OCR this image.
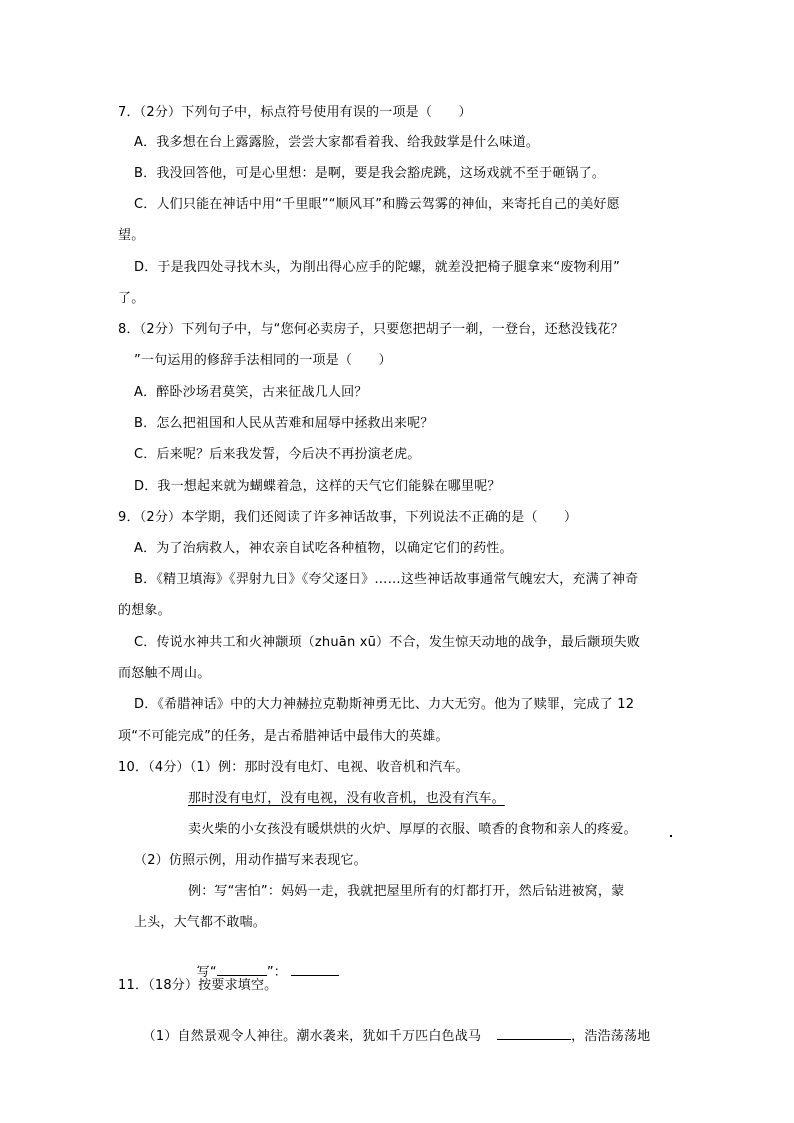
7．（2分）下列句子中，标点符号使用有误的一项是（　　）
A．我多想在台上露露脸，尝尝大家都看着我、给我鼓掌是什么味道。
B．我没回答他，可是心里想：是啊，要是我会豁虎跳，这场戏就不至于砸锅了。
C．人们只能在神话中用“千里眼”“顺风耳”和腾云驾雾的神仙，来寄托自己的美好愿
望。
D．于是我四处寻找木头，为削出得心应手的陀螺，就差没把椅子腿拿来“废物利用”
了。
8．（2分）下列句子中，与“您何必卖房子，只要您把胡子一剃，一登台，还愁没钱花？
”一句运用的修辞手法相同的一项是（　　）
A．醉卧沙场君莫笑，古来征战几人回？
B．怎么把祖国和人民从苦难和屈辱中拯救出来呢？
C．后来呢？后来我发誓，今后决不再扮演老虎。
D．我一想起来就为蝴蝶着急，这样的天气它们能躲在哪里呢？
9．（2分）本学期，我们还阅读了许多神话故事，下列说法不正确的是（　　）
A．为了治病救人，神农亲自试吃各种植物，以确定它们的药性。
B．《精卫填海》《羿射九日》《夸父逐日》……这些神话故事通常气魄宏大，充满了神奇
的想象。
C．传说水神共工和火神颛顼（zhuān xū）不合，发生惊天动地的战争，最后颛顼失败
而怒触不周山。
D．《希腊神话》中的大力神赫拉克勒斯神勇无比、力大无穷。他为了赎罪，完成了 12
项“不可能完成”的任务，是古希腊神话中最伟大的英雄。
10．（4分）（1）例：那时没有电灯、电视、收音机和汽车。
那时没有电灯，没有电视，没有收音机，也没有汽车。
卖火柴的小女孩没有暖烘烘的火炉、厚厚的衣服、喷香的食物和亲人的疼爱。
（2）仿照示例，用动作描写来表现它。
例：写“害怕”：妈妈一走，我就把屋里所有的灯都打开，然后钻进被窝，蒙
上头，大气都不敢喘。

写“	”：

11．（18分）按要求填空。

（1）自然景观令人神往。潮水袭来，犹如千万匹白色战马	，浩浩荡荡地
